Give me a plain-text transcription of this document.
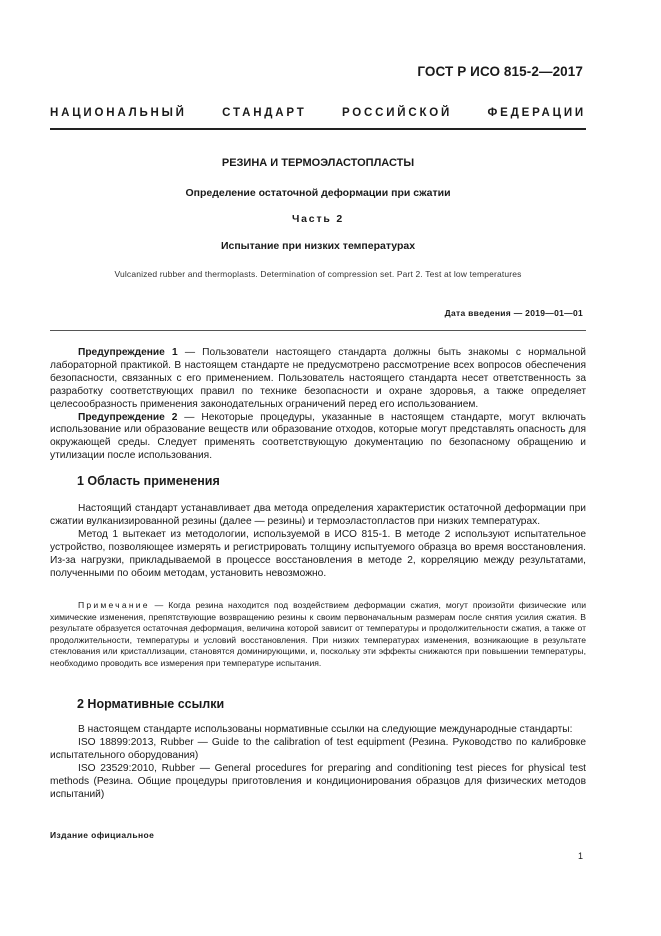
ГОСТ Р ИСО 815-2—2017
НАЦИОНАЛЬНЫЙ СТАНДАРТ РОССИЙСКОЙ ФЕДЕРАЦИИ
РЕЗИНА И ТЕРМОЭЛАСТОПЛАСТЫ
Определение остаточной деформации при сжатии
Часть 2
Испытание при низких температурах
Vulcanized rubber and thermoplasts. Determination of compression set. Part 2. Test at low temperatures
Дата введения — 2019—01—01

Предупреждение 1 — Пользователи настоящего стандарта должны быть знакомы с нормальной лабораторной практикой. В настоящем стандарте не предусмотрено рассмотрение всех вопросов обеспечения безопасности, связанных с его применением. Пользователь настоящего стандарта несет ответственность за разработку соответствующих правил по технике безопасности и охране здоровья, а также определяет целесообразность применения законодательных ограничений перед его использованием.

Предупреждение 2 — Некоторые процедуры, указанные в настоящем стандарте, могут включать использование или образование веществ или образование отходов, которые могут представлять опасность для окружающей среды. Следует применять соответствующую документацию по безопасному обращению и утилизации после использования.

1 Область применения

Настоящий стандарт устанавливает два метода определения характеристик остаточной деформации при сжатии вулканизированной резины (далее — резины) и термоэластопластов при низких температурах.

Метод 1 вытекает из методологии, используемой в ИСО 815-1. В методе 2 используют испытательное устройство, позволяющее измерять и регистрировать толщину испытуемого образца во время восстановления. Из-за нагрузки, прикладываемой в процессе восстановления в методе 2, корреляцию между результатами, полученными по обоим методам, установить невозможно.

Примечание — Когда резина находится под воздействием деформации сжатия, могут произойти физические или химические изменения, препятствующие возвращению резины к своим первоначальным размерам после снятия усилия сжатия. В результате образуется остаточная деформация, величина которой зависит от температуры и продолжительности сжатия, а также от продолжительности, температуры и условий восстановления. При низких температурах изменения, возникающие в результате стеклования или кристаллизации, становятся доминирующими, и, поскольку эти эффекты снижаются при повышении температуры, необходимо проводить все измерения при температуре испытания.

2 Нормативные ссылки

В настоящем стандарте использованы нормативные ссылки на следующие международные стандарты:

ISO 18899:2013, Rubber — Guide to the calibration of test equipment (Резина. Руководство по калибровке испытательного оборудования)

ISO 23529:2010, Rubber — General procedures for preparing and conditioning test pieces for physical test methods (Резина. Общие процедуры приготовления и кондиционирования образцов для физических методов испытаний)

Издание официальное
1
